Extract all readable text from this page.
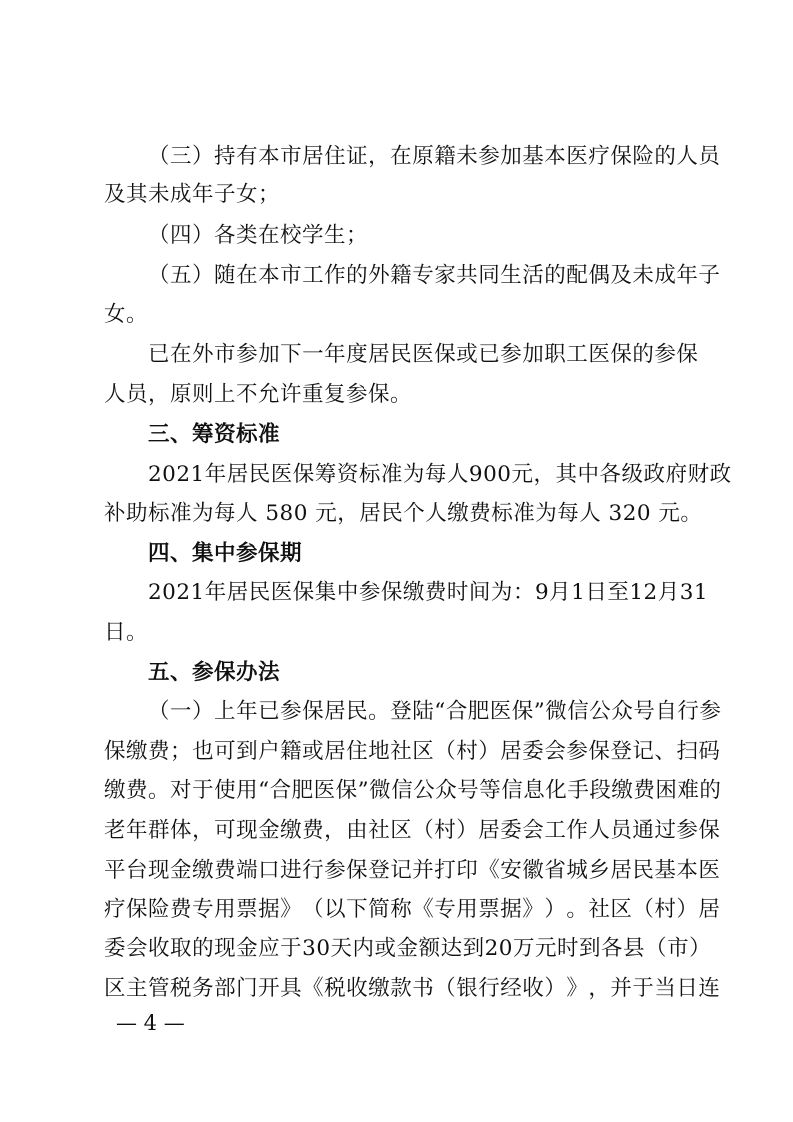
（ 三 ） 持 有 本 市 居 住 证 ， 在 原 籍 未 参 加 基 本 医 疗 保 险 的 人 员
及其未成年子女；
（四）各类在校学生；
（ 五 ） 随 在 本 市 工 作 的 外 籍 专 家 共 同 生 活 的 配 偶 及 未 成 年 子
女。
已 在 外 市 参 加 下 一 年 度 居 民 医 保 或 已 参 加 职 工 医 保 的 参 保
人员，原则上不允许重复参保。
三、筹资标准
2021 年 居 民 医 保 筹 资 标 准 为 每 人 900 元 ， 其 中 各 级 政 府 财 政
补助标准为每人 580 元，居民个人缴费标准为每人 320 元。
四、集中参保期
2021 年 居 民 医 保 集 中 参 保 缴 费 时 间 为 ： 9 月 1 日 至 12 月 31
日。
五、参保办法
（ 一 ） 上 年 已 参 保 居 民 。 登 陆 “ 合 肥 医 保 ” 微 信 公 众 号 自 行 参
保 缴 费 ； 也 可 到 户 籍 或 居 住 地 社 区 （ 村 ） 居 委 会 参 保 登 记 、 扫 码
缴 费 。 对 于 使 用 “ 合 肥 医 保 ” 微 信 公 众 号 等 信 息 化 手 段 缴 费 困 难 的
老 年 群 体 ， 可 现 金 缴 费 ， 由 社 区 （ 村 ） 居 委 会 工 作 人 员 通 过 参 保
平 台 现 金 缴 费 端 口 进 行 参 保 登 记 并 打 印 《 安 徽 省 城 乡 居 民 基 本 医
疗 保 险 费 专 用 票 据 》 （ 以 下 简 称 《 专 用 票 据 》 ） 。 社 区 （ 村 ） 居
委 会 收 取 的 现 金 应 于 30 天 内 或 金 额 达 到 20 万 元 时 到 各 县 （ 市 ）
区 主 管 税 务 部 门 开 具 《 税 收 缴 款 书 （ 银 行 经 收 ） 》 ， 并 于 当 日 连
— 4 —
